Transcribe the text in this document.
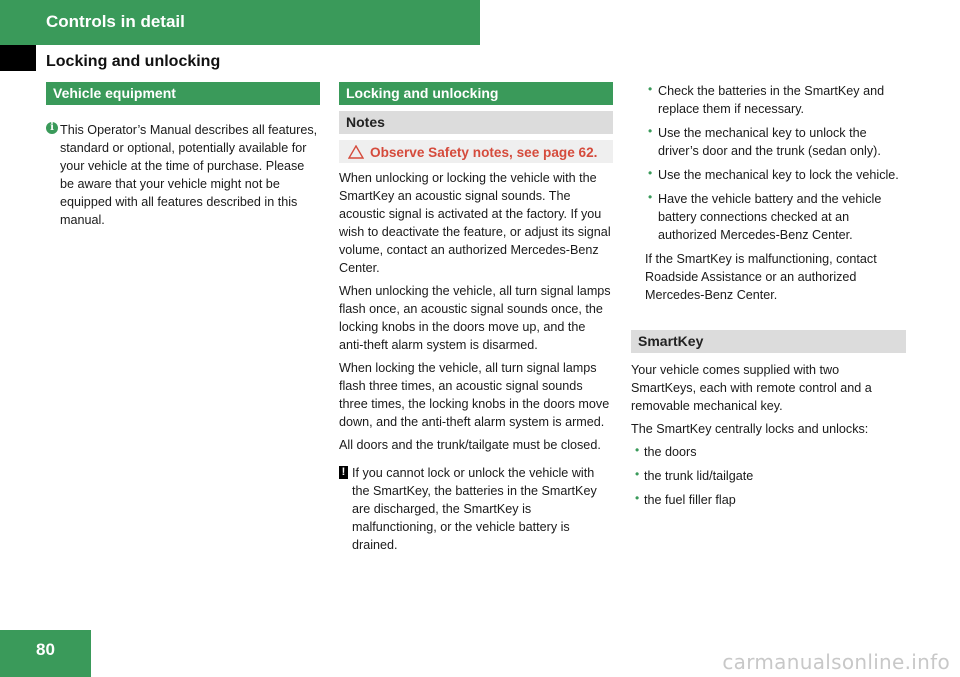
Controls in detail
Locking and unlocking
Vehicle equipment
i This Operator’s Manual describes all features, standard or optional, potentially available for your vehicle at the time of purchase. Please be aware that your vehicle might not be equipped with all features described in this manual.

Locking and unlocking
Notes
Observe Safety notes, see page 62.

When unlocking or locking the vehicle with the SmartKey an acoustic signal sounds. The acoustic signal is activated at the factory. If you wish to deactivate the feature, or adjust its signal volume, contact an authorized Mercedes-Benz Center.

When unlocking the vehicle, all turn signal lamps flash once, an acoustic signal sounds once, the locking knobs in the doors move up, and the anti-theft alarm system is disarmed.

When locking the vehicle, all turn signal lamps flash three times, an acoustic signal sounds three times, the locking knobs in the doors move down, and the anti-theft alarm system is armed.

All doors and the trunk/tailgate must be closed.

! If you cannot lock or unlock the vehicle with the SmartKey, the batteries in the SmartKey are discharged, the SmartKey is malfunctioning, or the vehicle battery is drained.

• Check the batteries in the SmartKey and replace them if necessary.

• Use the mechanical key to unlock the driver’s door and the trunk (sedan only).

• Use the mechanical key to lock the vehicle.

• Have the vehicle battery and the vehicle battery connections checked at an authorized Mercedes-Benz Center.

If the SmartKey is malfunctioning, contact Roadside Assistance or an authorized Mercedes-Benz Center.

SmartKey

Your vehicle comes supplied with two SmartKeys, each with remote control and a removable mechanical key.

The SmartKey centrally locks and unlocks:

• the doors

• the trunk lid/tailgate

• the fuel filler flap

80
carmanualsonline.info
